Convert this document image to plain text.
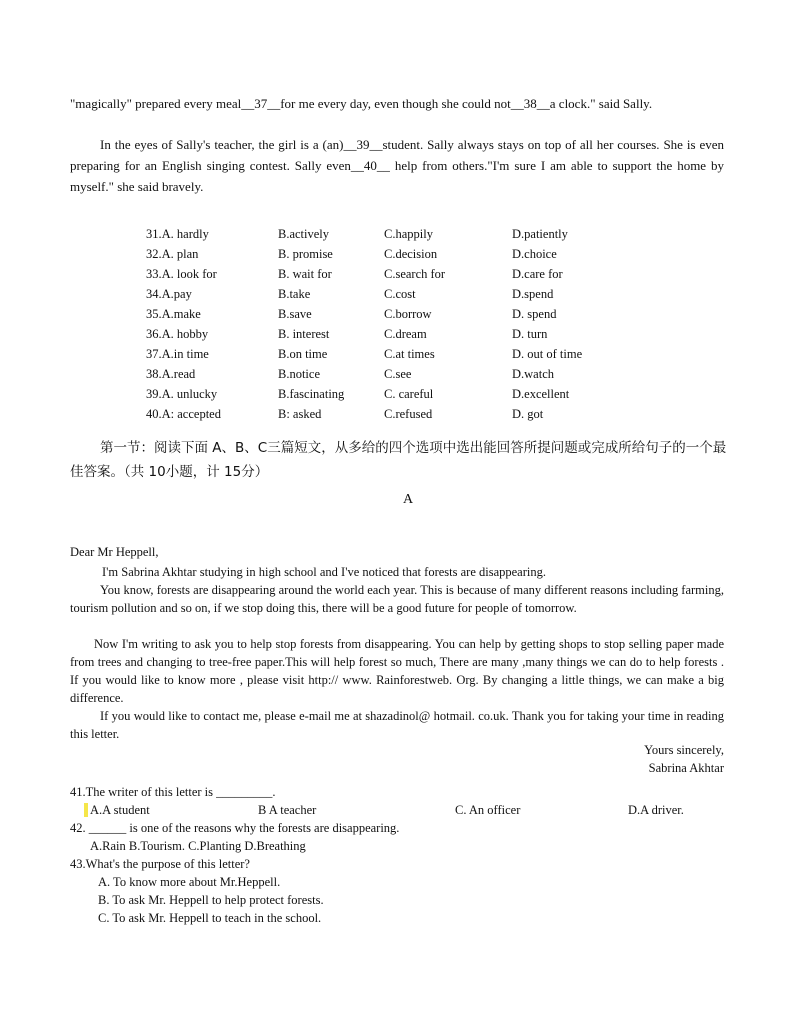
"magically" prepared every meal__37__for me every day, even though she could not__38__a clock." said Sally.
In the eyes of Sally's teacher, the girl is a (an)__39__student. Sally always stays on top of all her courses. She is even preparing for an English singing contest. Sally even__40__ help from others."I'm sure I am able to support the home by myself." she said bravely.
31.A. hardly	B.actively	C.happily	D.patiently
32.A. plan	B. promise	C.decision	D.choice
33.A. look for	B. wait for	C.search for	D.care for
34.A.pay	B.take	C.cost	D.spend
35.A.make	B.save	C.borrow	D. spend
36.A. hobby	B. interest	C.dream	D. turn
37.A.in time	B.on time	C.at times	D. out of time
38.A.read	B.notice	C.see	D.watch
39.A. unlucky	B.fascinating	C. careful	D.excellent
40.A: accepted	B: asked	C.refused	D. got
第一节：阅读下面 A、B、C三篇短文，从多给的四个选项中选出能回答所提问题或完成所给句子的一个最佳答案。（共 10小题，计 15分）
A
Dear Mr Heppell,
I'm Sabrina Akhtar studying in high school and I've noticed that forests are disappearing.
You know, forests are disappearing around the world each year. This is because of many different reasons including farming, tourism pollution and so on, if we stop doing this, there will be a good future for people of tomorrow.
Now I'm writing to ask you to help stop forests from disappearing. You can help by getting shops to stop selling paper made from trees and changing to tree-free paper.This will help forest so much, There are many ,many things we can do to help forests . If you would like to know more , please visit http:// www. Rainforestweb. Org. By changing a little things, we can make a big difference.
If you would like to contact me, please e-mail me at shazadinol@ hotmail. co.uk. Thank you for taking your time in reading this letter.
Yours sincerely,
Sabrina Akhtar
41.The writer of this letter is _________.
A.A student	B A teacher	C. An officer	D.A driver.
42. ______ is one of the reasons why the forests are disappearing.
A.Rain B.Tourism. C.Planting D.Breathing
43.What's the purpose of this letter?
A. To know more about Mr.Heppell.
B. To ask Mr. Heppell to help protect forests.
C. To ask Mr. Heppell to teach in the school.
